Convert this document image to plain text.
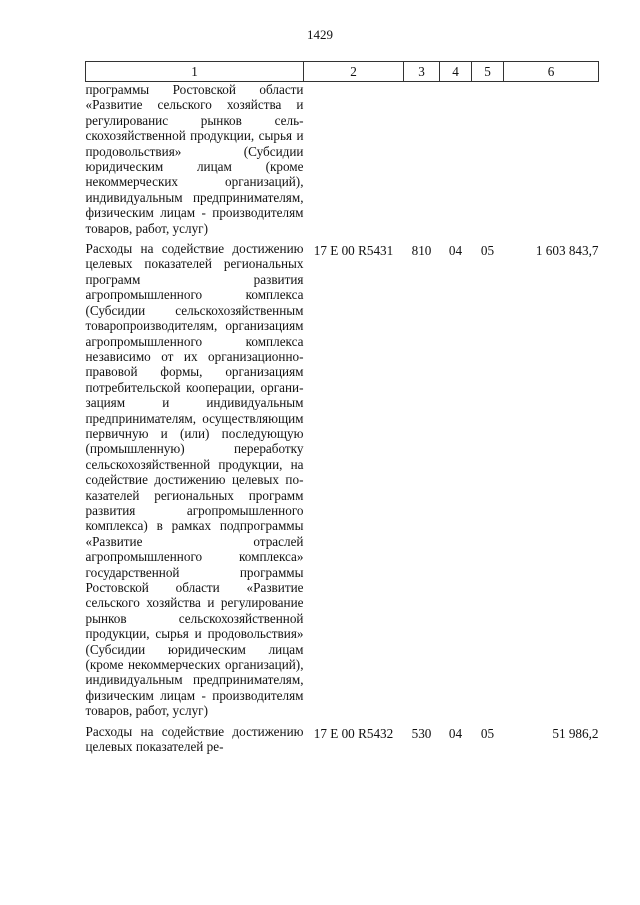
1429
1	2	3	4	5	6
программы Ростовской области «Развитие сельского хозяйства и регулированис рынков сельскохозяйственной продукции, сырья и продовольствия» (Субсидии юридическим лицам (кроме некоммерческих организаций), индивидуальным предпринимателям, физическим лицам - производителям товаров, работ, услуг)					
Расходы на содействие достижению целевых показателей региональных программ развития агропромышленного комплекса (Субсидии сельскохозяйственным товаропроизводителям, организациям агропромышленного комплекса независимо от их организационно-правовой формы, организациям потребительской кооперации, организациям и индивидуальным предпринимателям, осуществляющим первичную и (или) последующую (промышленную) переработку сельскохозяйственной продукции, на содействие достижению целевых показателей региональных программ развития агропромышленного комплекса) в рамках подпрограммы «Развитие отраслей агропромышленного комплекса» государственной программы Ростовской области «Развитие сельского хозяйства и регулирование рынков сельскохозяйственной продукции, сырья и продовольствия» (Субсидии юридическим лицам (кроме некоммерческих организаций), индивидуальным предпринимателям, физическим лицам - производителям товаров, работ, услуг)	17 Е 00 R5431	810	04	05	1 603 843,7
Расходы на содействие достижению целевых показателей ре-	17 Е 00 R5432	530	04	05	51 986,2
